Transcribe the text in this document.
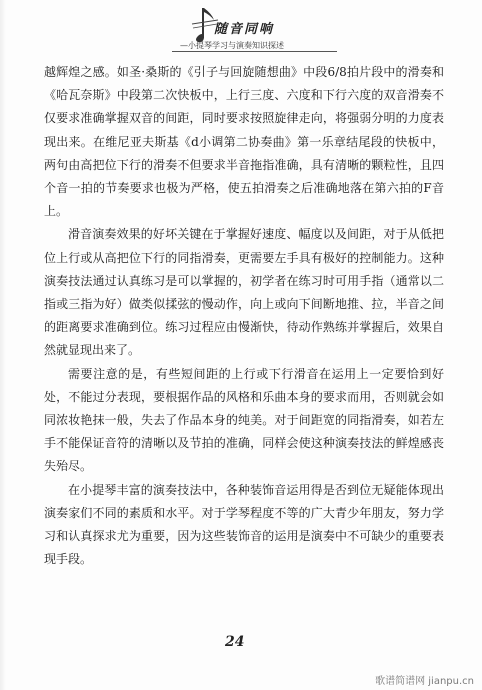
随音同响
—小提琴学习与演奏知识探述

越辉煌之感。如圣·桑斯的《引子与回旋随想曲》中段6/8拍片段中的滑奏和《哈瓦奈斯》中段第二次快板中，上行三度、六度和下行六度的双音滑奏不仅要求准确掌握双音的间距，同时要求按照旋律走向，将强弱分明的力度表现出来。在维尼亚夫斯基《d小调第二协奏曲》第一乐章结尾段的快板中，两句由高把位下行的滑奏不但要求半音拖指准确，具有清晰的颗粒性，且四个音一拍的节奏要求也极为严格，使五拍滑奏之后准确地落在第六拍的F音上。

滑音演奏效果的好坏关键在于掌握好速度、幅度以及间距，对于从低把位上行或从高把位下行的同指滑奏，更需要左手具有极好的控制能力。这种演奏技法通过认真练习是可以掌握的，初学者在练习时可用手指（通常以二指或三指为好）做类似揉弦的慢动作，向上或向下间断地推、拉，半音之间的距离要求准确到位。练习过程应由慢渐快，待动作熟练并掌握后，效果自然就显现出来了。

需要注意的是，有些短间距的上行或下行滑音在运用上一定要恰到好处，不能过分表现，要根据作品的风格和乐曲本身的要求而用，否则就会如同浓妆艳抹一般，失去了作品本身的纯美。对于间距宽的同指滑奏，如若左手不能保证音符的清晰以及节拍的准确，同样会使这种演奏技法的鲜煌感丧失殆尽。

在小提琴丰富的演奏技法中，各种装饰音运用得是否到位无疑能体现出演奏家们不同的素质和水平。对于学琴程度不等的广大青少年朋友，努力学习和认真探求尤为重要，因为这些装饰音的运用是演奏中不可缺少的重要表现手段。

24
歌谱简谱网 jianpu.cn
